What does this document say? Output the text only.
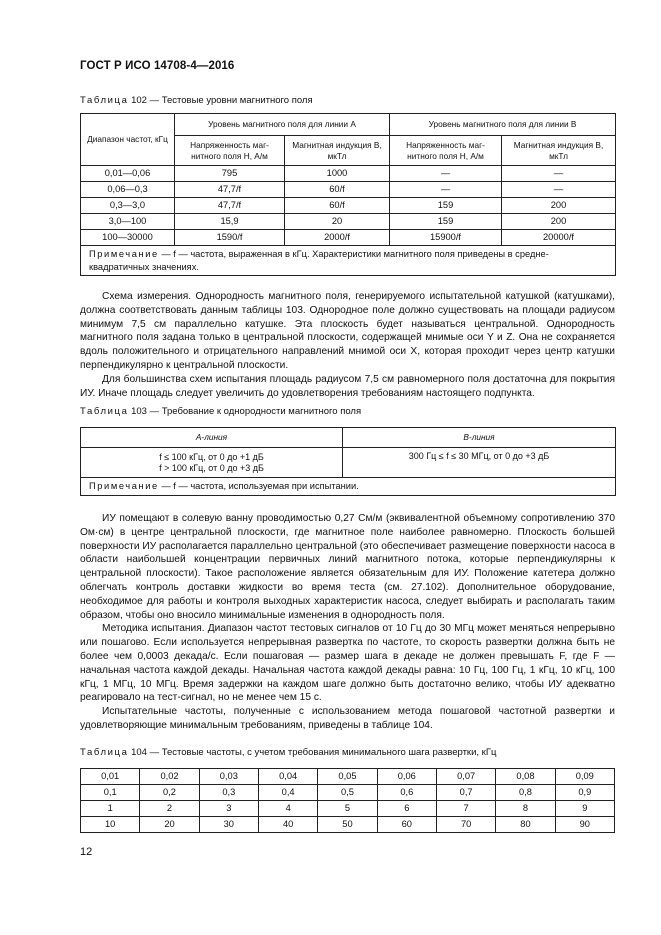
ГОСТ Р ИСО 14708-4—2016
Таблица 102 — Тестовые уровни магнитного поля
Диапазон частот, кГц	Уровень магнитного поля для линии A		Уровень магнитного поля для линии B	
	Напряженность маг-нитного поля H, А/м	Магнитная индукция B, мкТл	Напряженность маг-нитного поля H, А/м	Магнитная индукция B, мкТл
0,01—0,06	795	1000	—	—
0,06—0,3	47,7/f	60/f	—	—
0,3—3,0	47,7/f	60/f	159	200
3,0—100	15,9	20	159	200
100—30000	1590/f	2000/f	15900/f	20000/f
Примечание — f — частота, выраженная в кГц. Характеристики магнитного поля приведены в средне-квадратичных значениях.				

Схема измерения. Однородность магнитного поля, генерируемого испытательной катушкой (катушками), должна соответствовать данным таблицы 103. Однородное поле должно существовать на площади радиусом минимум 7,5 см параллельно катушке. Эта плоскость будет называться центральной. Однородность магнитного поля задана только в центральной плоскости, содержащей мнимые оси Y и Z. Она не сохраняется вдоль положительного и отрицательного направлений мнимой оси X, которая проходит через центр катушки перпендикулярно к центральной плоскости.

Для большинства схем испытания площадь радиусом 7,5 см равномерного поля достаточна для покрытия ИУ. Иначе площадь следует увеличить до удовлетворения требованиям настоящего подпункта.

Таблица 103 — Требование к однородности магнитного поля
A-линия	B-линия

f ≤ 100 кГц, от 0 до +1 дБ
f > 100 кГц, от 0 до +3 дБ	300 Гц ≤ f ≤ 30 МГц, от 0 до +3 дБ
Примечание — f — частота, используемая при испытании.	

ИУ помещают в солевую ванну проводимостью 0,27 См/м (эквивалентной объемному сопротивлению 370 Ом·см) в центре центральной плоскости, где магнитное поле наиболее равномерно. Плоскость большей поверхности ИУ располагается параллельно центральной (это обеспечивает размещение поверхности насоса в области наибольшей концентрации первичных линий магнитного потока, которые перпендикулярны к центральной плоскости). Такое расположение является обязательным для ИУ. Положение катетера должно облегчать контроль доставки жидкости во время теста (см. 27.102). Дополнительное оборудование, необходимое для работы и контроля выходных характеристик насоса, следует выбирать и располагать таким образом, чтобы оно вносило минимальные изменения в однородность поля.

Методика испытания. Диапазон частот тестовых сигналов от 10 Гц до 30 МГц может меняться непрерывно или пошагово. Если используется непрерывная развертка по частоте, то скорость развертки должна быть не более чем 0,0003 декада/с. Если пошаговая — размер шага в декаде не должен превышать F, где F — начальная частота каждой декады. Начальная частота каждой декады равна: 10 Гц, 100 Гц, 1 кГц, 10 кГц, 100 кГц, 1 МГц, 10 МГц. Время задержки на каждом шаге должно быть достаточно велико, чтобы ИУ адекватно реагировало на тест-сигнал, но не менее чем 15 с.

Испытательные частоты, полученные с использованием метода пошаговой частотной развертки и удовлетворяющие минимальным требованиям, приведены в таблице 104.

Таблица 104 — Тестовые частоты, с учетом требования минимального шага развертки, кГц
0,01	0,02	0,03	0,04	0,05	0,06	0,07	0,08	0,09
0,1	0,2	0,3	0,4	0,5	0,6	0,7	0,8	0,9
1	2	3	4	5	6	7	8	9
10	20	30	40	50	60	70	80	90
12
